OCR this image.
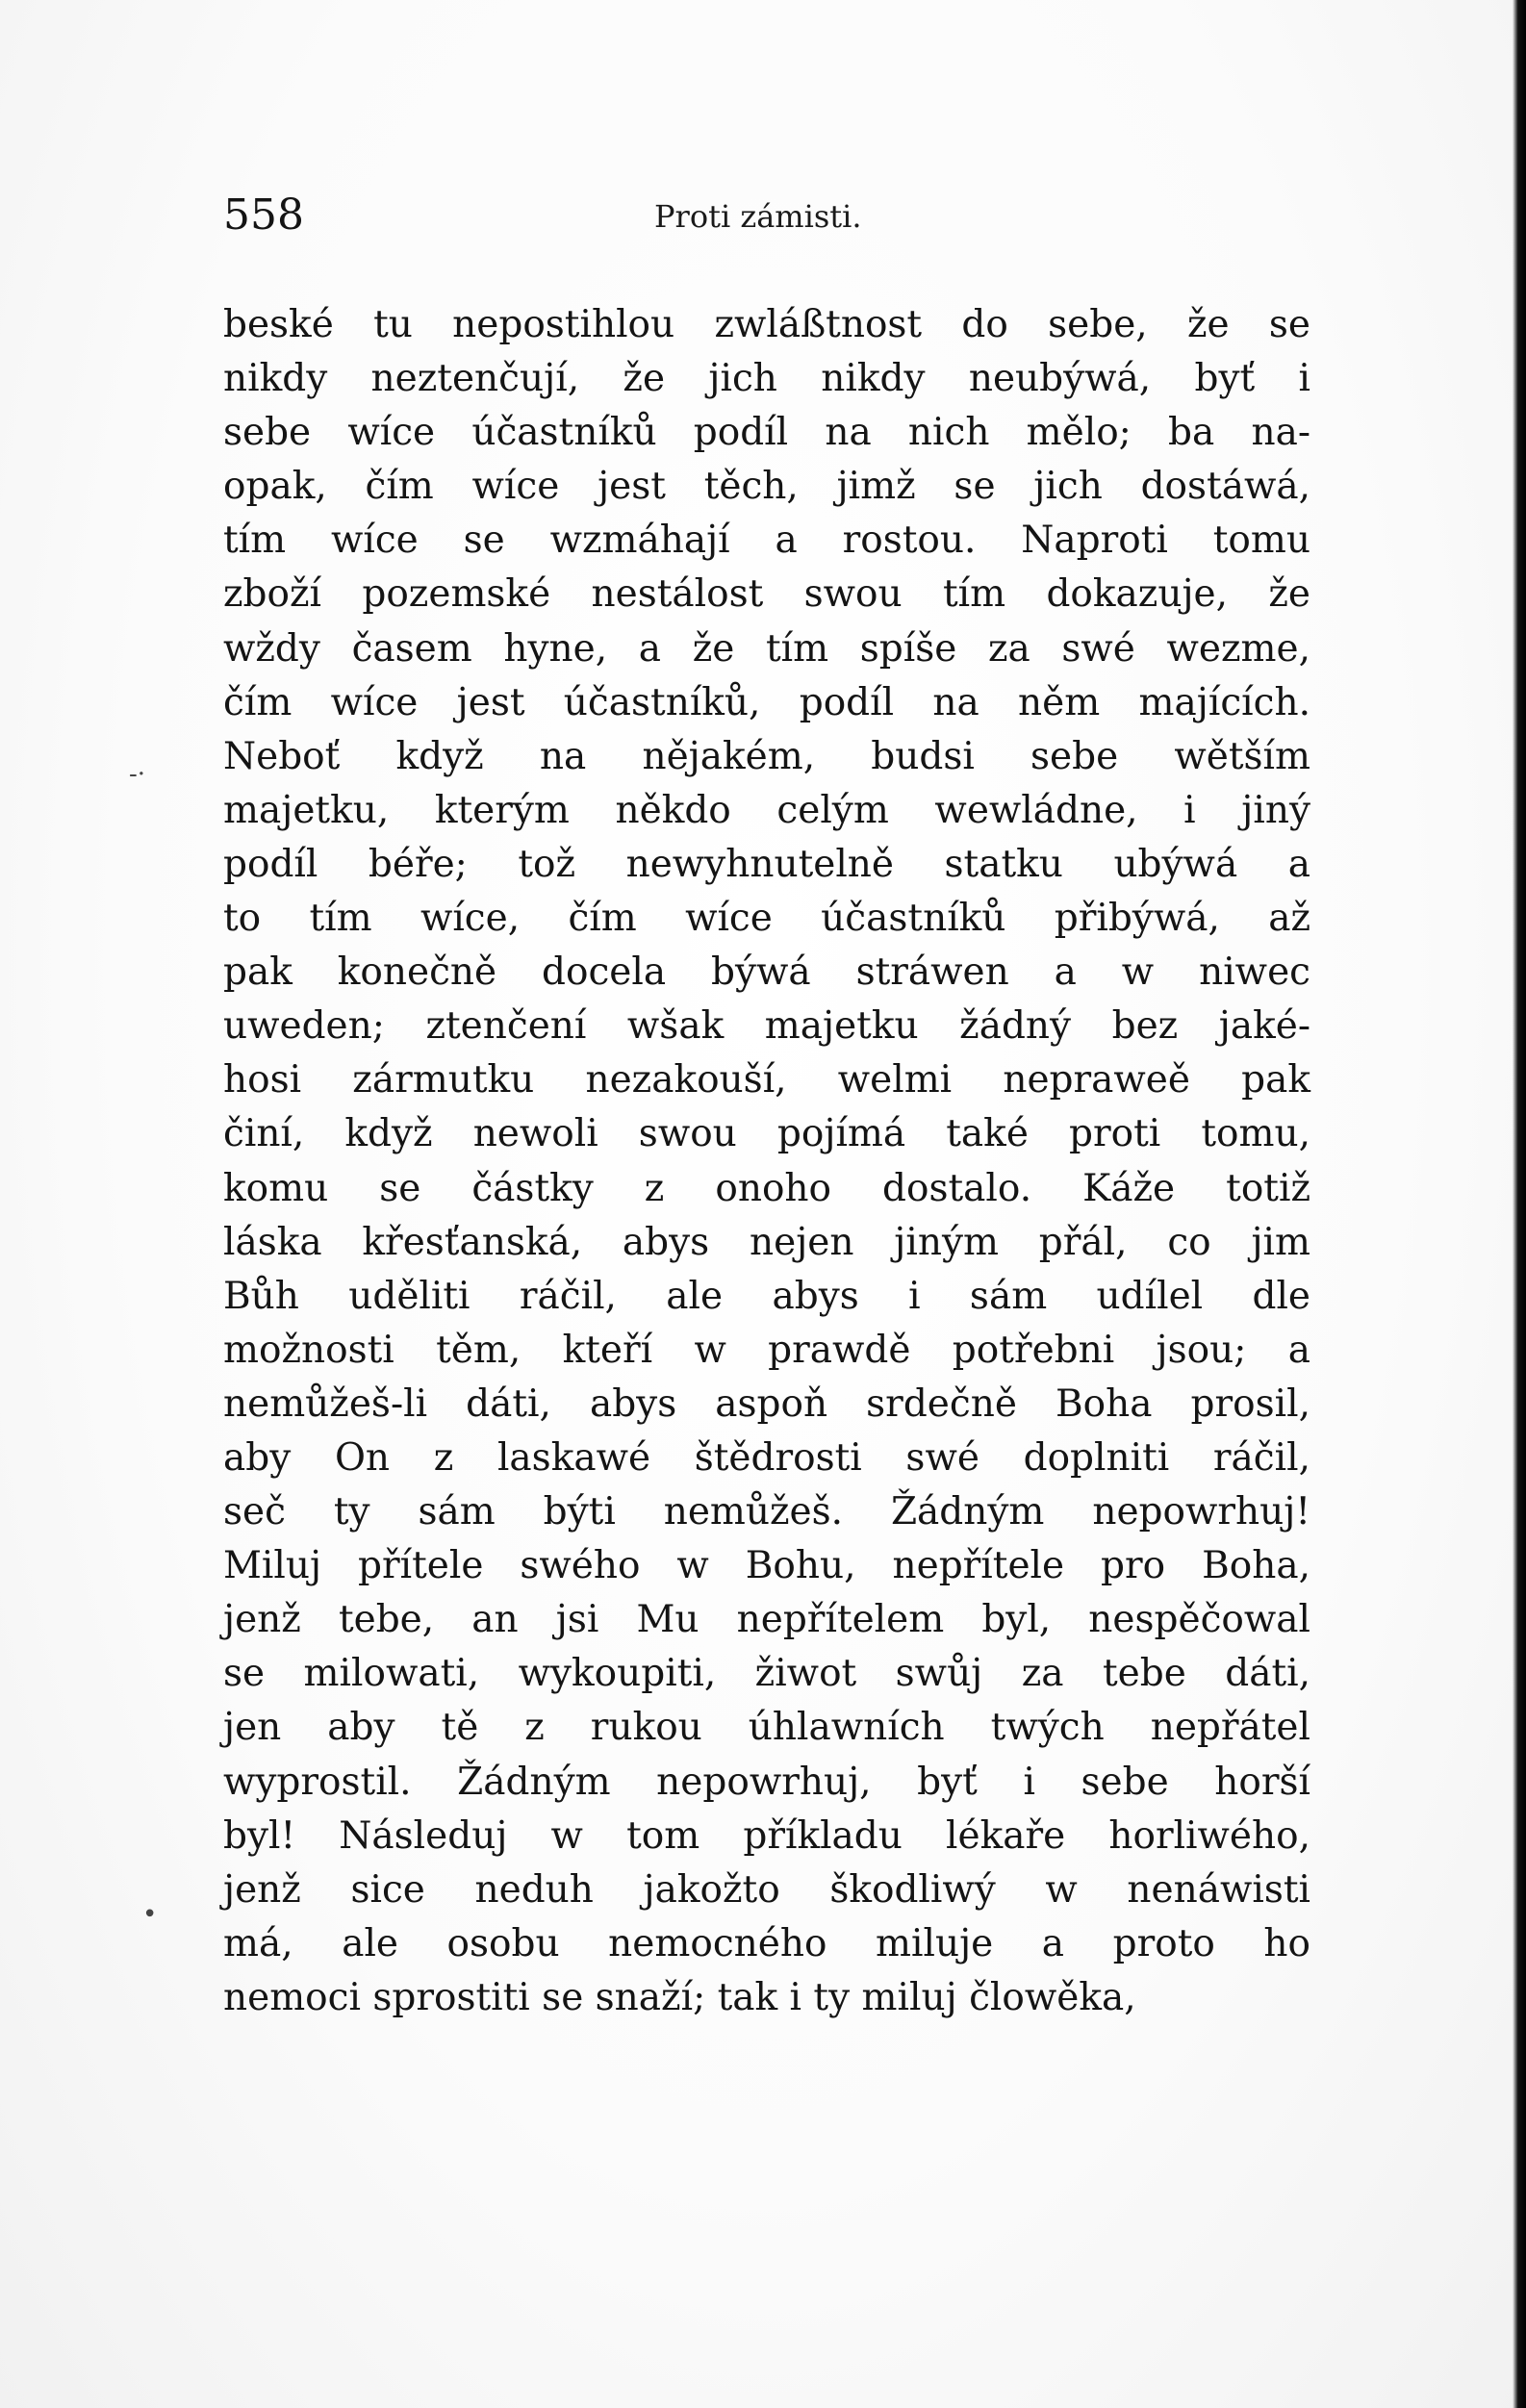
558	Proti zámisti.
-·
•
beské tu nepostihlou zwláßtnost do sebe, že se
nikdy neztenčují, že jich nikdy neubýwá, byť i
sebe wíce účastníků podíl na nich mělo; ba na-
opak, čím wíce jest těch, jimž se jich dostáwá,
tím wíce se wzmáhají a rostou. Naproti tomu
zboží pozemské nestálost swou tím dokazuje, že
wždy časem hyne, a že tím spíše za swé wezme,
čím wíce jest účastníků, podíl na něm majících.
Neboť když na nějakém, budsi sebe wětším
majetku, kterým někdo celým wewládne, i jiný
podíl béře; tož newyhnutelně statku ubýwá a
to tím wíce, čím wíce účastníků přibýwá, až
pak konečně docela býwá stráwen a w niwec
uweden; ztenčení wšak majetku žádný bez jaké-
hosi zármutku nezakouší, welmi nepraweě pak
činí, když newoli swou pojímá také proti tomu,
komu se částky z onoho dostalo. Káže totiž
láska křesťanská, abys nejen jiným přál, co jim
Bůh uděliti ráčil, ale abys i sám udílel dle
možnosti těm, kteří w prawdě potřebni jsou; a
nemůžeš-li dáti, abys aspoň srdečně Boha prosil,
aby On z laskawé štědrosti swé doplniti ráčil,
seč ty sám býti nemůžeš. Žádným nepowrhuj!
Miluj přítele swého w Bohu, nepřítele pro Boha,
jenž tebe, an jsi Mu nepřítelem byl, nespěčowal
se milowati, wykoupiti, žiwot swůj za tebe dáti,
jen aby tě z rukou úhlawních twých nepřátel
wyprostil. Žádným nepowrhuj, byť i sebe horší
byl! Následuj w tom příkladu lékaře horliwého,
jenž sice neduh jakožto škodliwý w nenáwisti
má, ale osobu nemocného miluje a proto ho
nemoci sprostiti se snaží; tak i ty miluj člowěka,
